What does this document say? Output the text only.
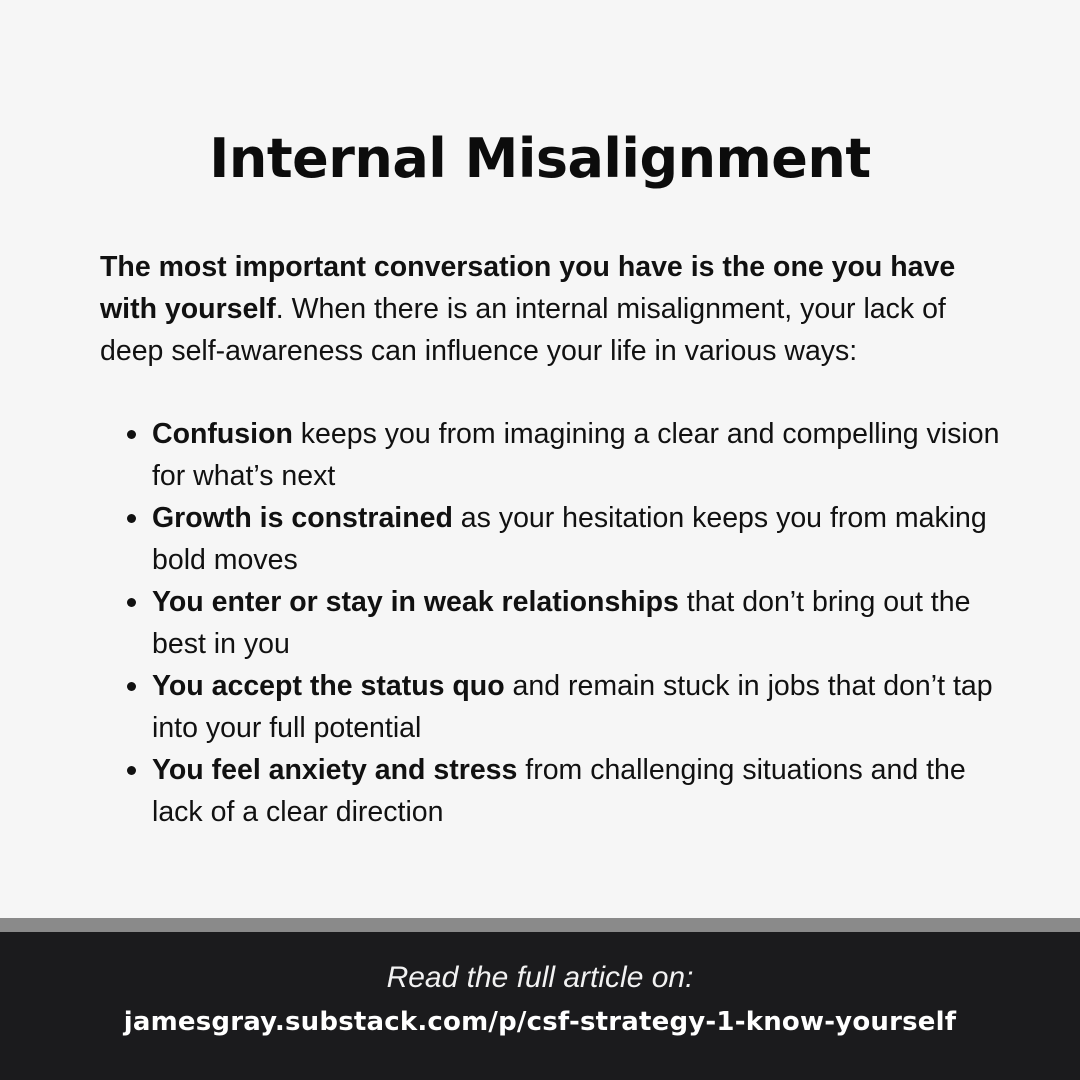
Internal Misalignment

The most important conversation you have is the one you have with yourself. When there is an internal misalignment, your lack of deep self-awareness can influence your life in various ways:

Confusion keeps you from imagining a clear and compelling vision for what’s next
Growth is constrained as your hesitation keeps you from making bold moves
You enter or stay in weak relationships that don’t bring out the best in you
You accept the status quo and remain stuck in jobs that don’t tap into your full potential
You feel anxiety and stress from challenging situations and the lack of a clear direction
Read the full article on:
jamesgray.substack.com/p/csf-strategy-1-know-yourself
